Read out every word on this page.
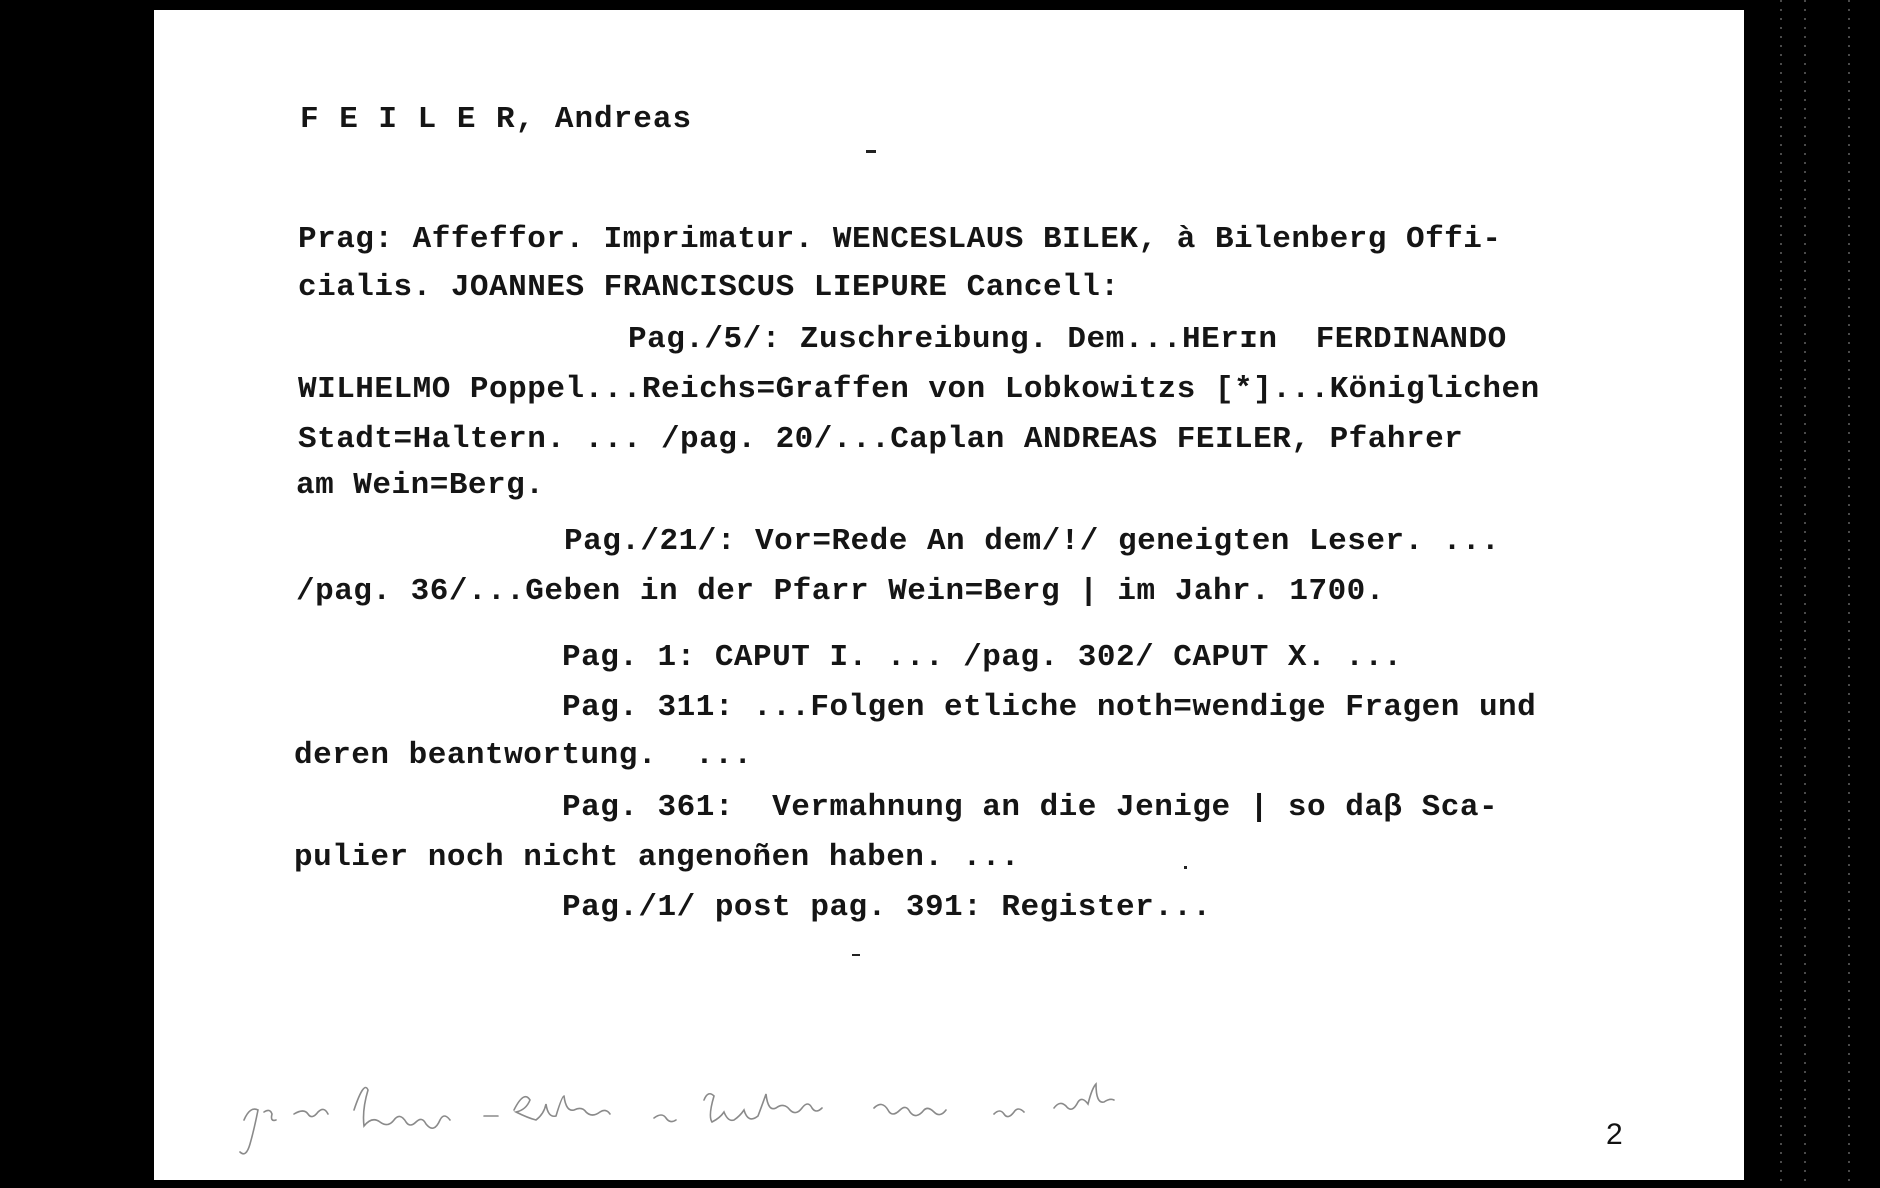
F E I L E R, Andreas
Prag: Affeffor. Imprimatur. WENCESLAUS BILEK, à Bilenberg Offi-
cialis. JOANNES FRANCISCUS LIEPURE Cancell:
Pag./5/: Zuschreibung. Dem...HErɪn  FERDINANDO
WILHELMO Poppel...Reichs=Graffen von Lobkowitzs [*]...Königlichen
Stadt=Haltern. ... /pag. 20/...Caplan ANDREAS FEILER, Pfahrer
am Wein=Berg.
Pag./21/: Vor=Rede An dem/!/ geneigten Leser. ...
/pag. 36/...Geben in der Pfarr Wein=Berg | im Jahr. 1700.
Pag. 1: CAPUT I. ... /pag. 302/ CAPUT X. ...
Pag. 311: ...Folgen etliche noth=wendige Fragen und
deren beantwortung.  ...
Pag. 361:  Vermahnung an die Jenige | so daβ Sca-
pulier noch nicht angenoñen haben. ...
Pag./1/ post pag. 391: Register...
2
